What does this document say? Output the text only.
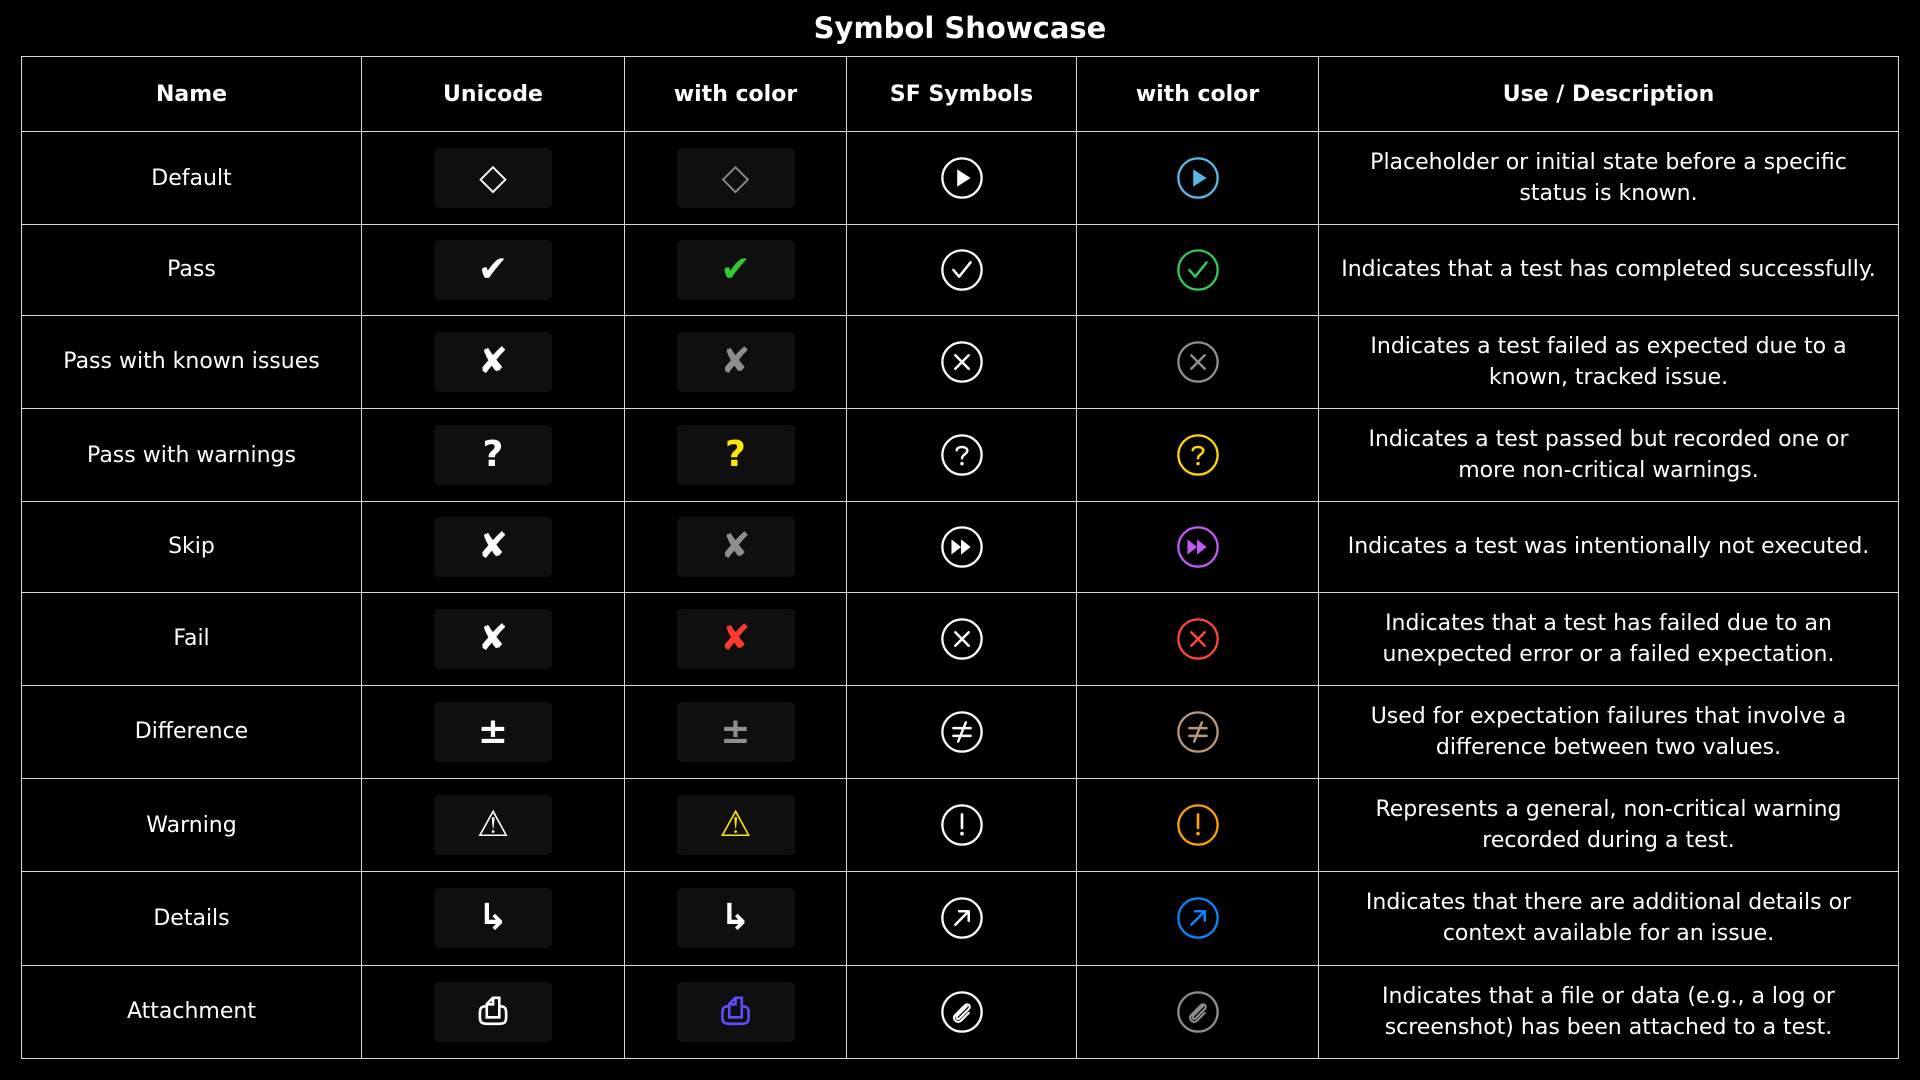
Symbol Showcase
Name	Unicode	with color	SF Symbols	with color	Use / Description
Default	◇	◇			Placeholder or initial state before a specific status is known.
Pass	✔	✔			Indicates that a test has completed successfully.
Pass with known issues	✘	✘			Indicates a test failed as expected due to a known, tracked issue.
Pass with warnings	?	?			Indicates a test passed but recorded one or more non-critical warnings.
Skip	✘	✘			Indicates a test was intentionally not executed.
Fail	✘	✘			Indicates that a test has failed due to an unexpected error or a failed expectation.
Difference	±	±			Used for expectation failures that involve a difference between two values.
Warning	⚠	⚠			Represents a general, non-critical warning recorded during a test.
Details	↳	↳			Indicates that there are additional details or context available for an issue.
Attachment	⎙	⎙			Indicates that a file or data (e.g., a log or screenshot) has been attached to a test.
